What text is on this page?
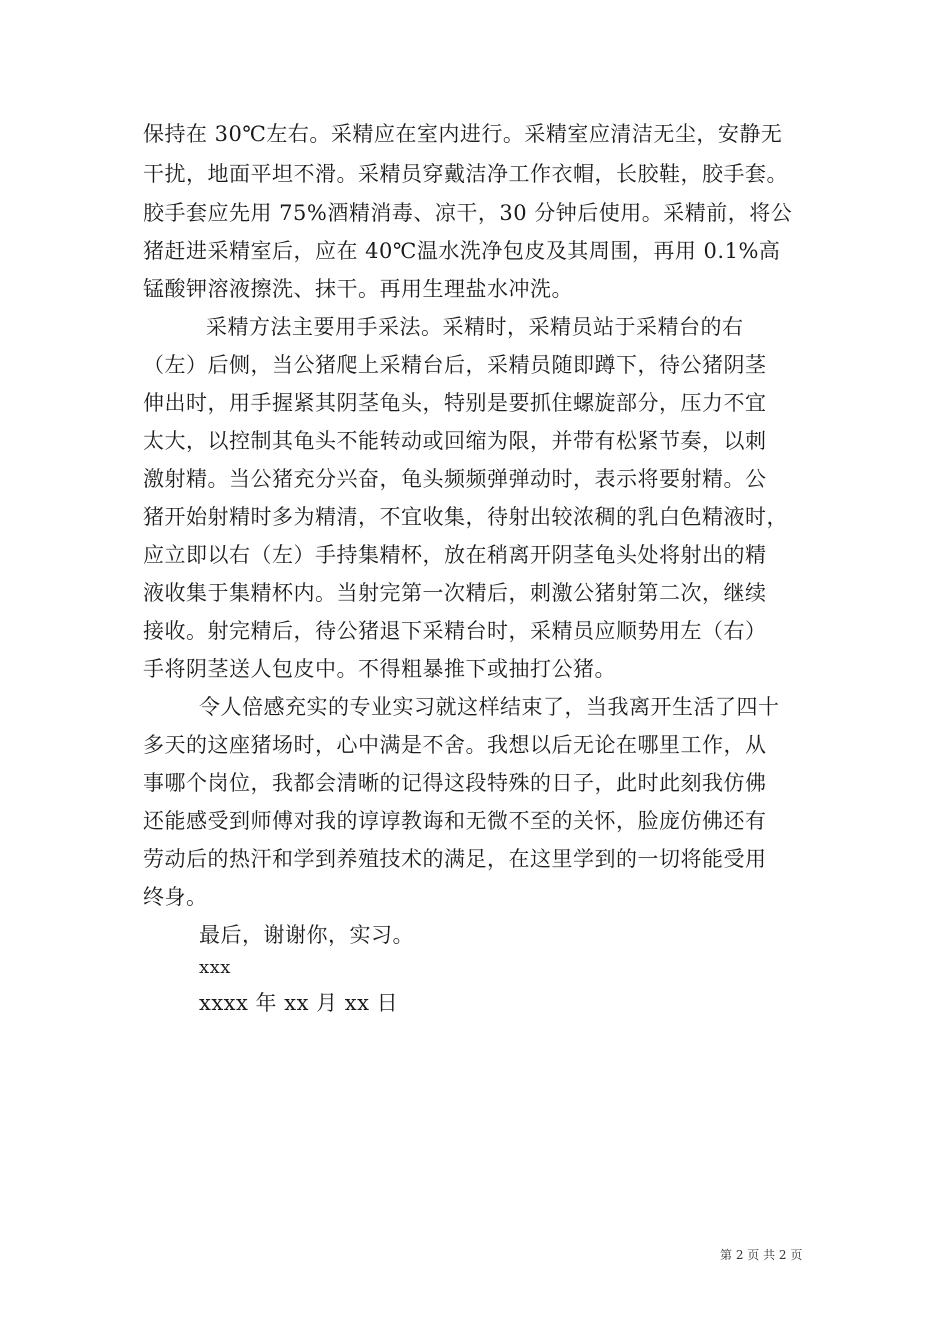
保持在 30℃左右。采精应在室内进行。采精室应清洁无尘，安静无
干扰，地面平坦不滑。采精员穿戴洁净工作衣帽，长胶鞋，胶手套。
胶手套应先用 75%酒精消毒、凉干，30 分钟后使用。采精前，将公
猪赶进采精室后，应在 40℃温水洗净包皮及其周围，再用 0.1%高
锰酸钾溶液擦洗、抹干。再用生理盐水冲洗。
采精方法主要用手采法。采精时，采精员站于采精台的右
（左）后侧，当公猪爬上采精台后，采精员随即蹲下，待公猪阴茎
伸出时，用手握紧其阴茎龟头，特别是要抓住螺旋部分，压力不宜
太大，以控制其龟头不能转动或回缩为限，并带有松紧节奏，以刺
激射精。当公猪充分兴奋，龟头频频弹弹动时，表示将要射精。公
猪开始射精时多为精清，不宜收集，待射出较浓稠的乳白色精液时，
应立即以右（左）手持集精杯，放在稍离开阴茎龟头处将射出的精
液收集于集精杯内。当射完第一次精后，刺激公猪射第二次，继续
接收。射完精后，待公猪退下采精台时，采精员应顺势用左（右）
手将阴茎送人包皮中。不得粗暴推下或抽打公猪。
令人倍感充实的专业实习就这样结束了，当我离开生活了四十
多天的这座猪场时，心中满是不舍。我想以后无论在哪里工作，从
事哪个岗位，我都会清晰的记得这段特殊的日子，此时此刻我仿佛
还能感受到师傅对我的谆谆教诲和无微不至的关怀，脸庞仿佛还有
劳动后的热汗和学到养殖技术的满足，在这里学到的一切将能受用
终身。
最后，谢谢你，实习。
xxx
xxxx 年 xx 月 xx 日
第 2 页 共 2 页
